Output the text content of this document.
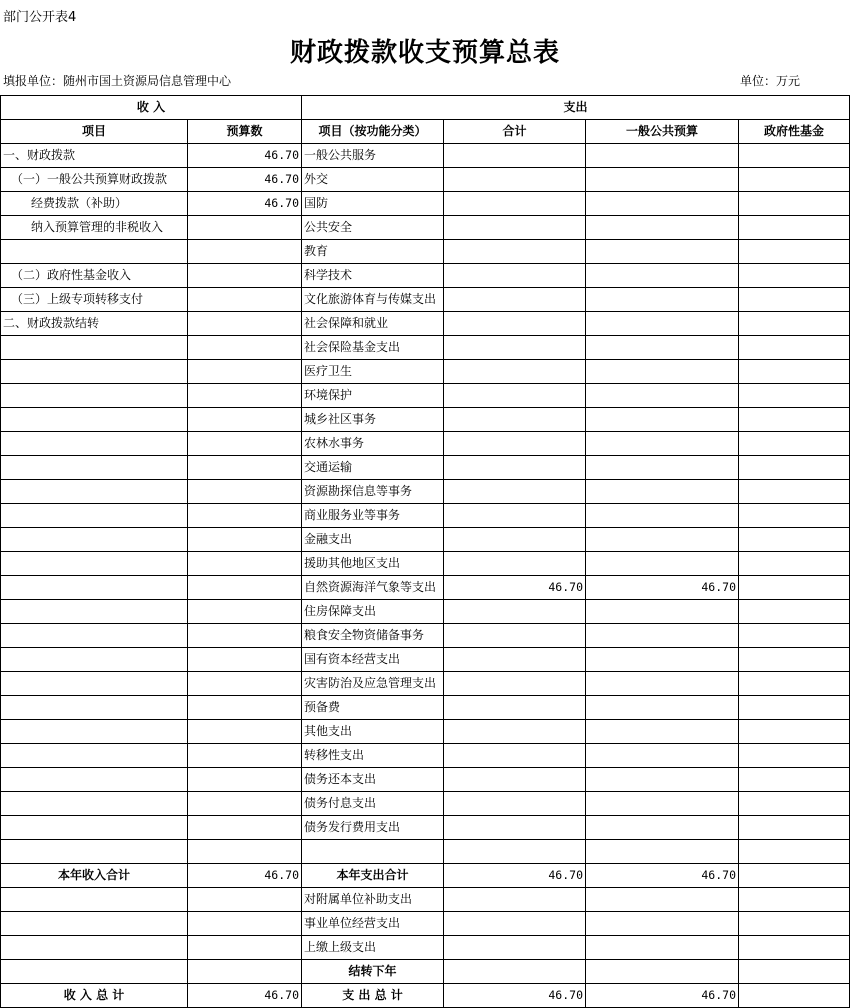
部门公开表4
财政拨款收支预算总表
填报单位：随州市国土资源局信息管理中心	单位：万元
收 入		支出			
项目	预算数	项目（按功能分类）	合计	一般公共预算	政府性基金
一、财政拨款	46.70	一般公共服务			
（一）一般公共预算财政拨款	46.70	外交			
经费拨款（补助）	46.70	国防			
纳入预算管理的非税收入		公共安全			
		教育			
（二）政府性基金收入		科学技术			
（三）上级专项转移支付		文化旅游体育与传媒支出			
二、财政拨款结转		社会保障和就业			
		社会保险基金支出			
		医疗卫生			
		环境保护			
		城乡社区事务			
		农林水事务			
		交通运输			
		资源勘探信息等事务			
		商业服务业等事务			
		金融支出			
		援助其他地区支出			
		自然资源海洋气象等支出	46.70	46.70	
		住房保障支出			
		粮食安全物资储备事务			
		国有资本经营支出			
		灾害防治及应急管理支出			
		预备费			
		其他支出			
		转移性支出			
		债务还本支出			
		债务付息支出			
		债务发行费用支出			

本年收入合计	46.70	本年支出合计	46.70	46.70	
		对附属单位补助支出			
		事业单位经营支出			
		上缴上级支出			
		结转下年			
收 入 总 计	46.70	支 出 总 计	46.70	46.70	
